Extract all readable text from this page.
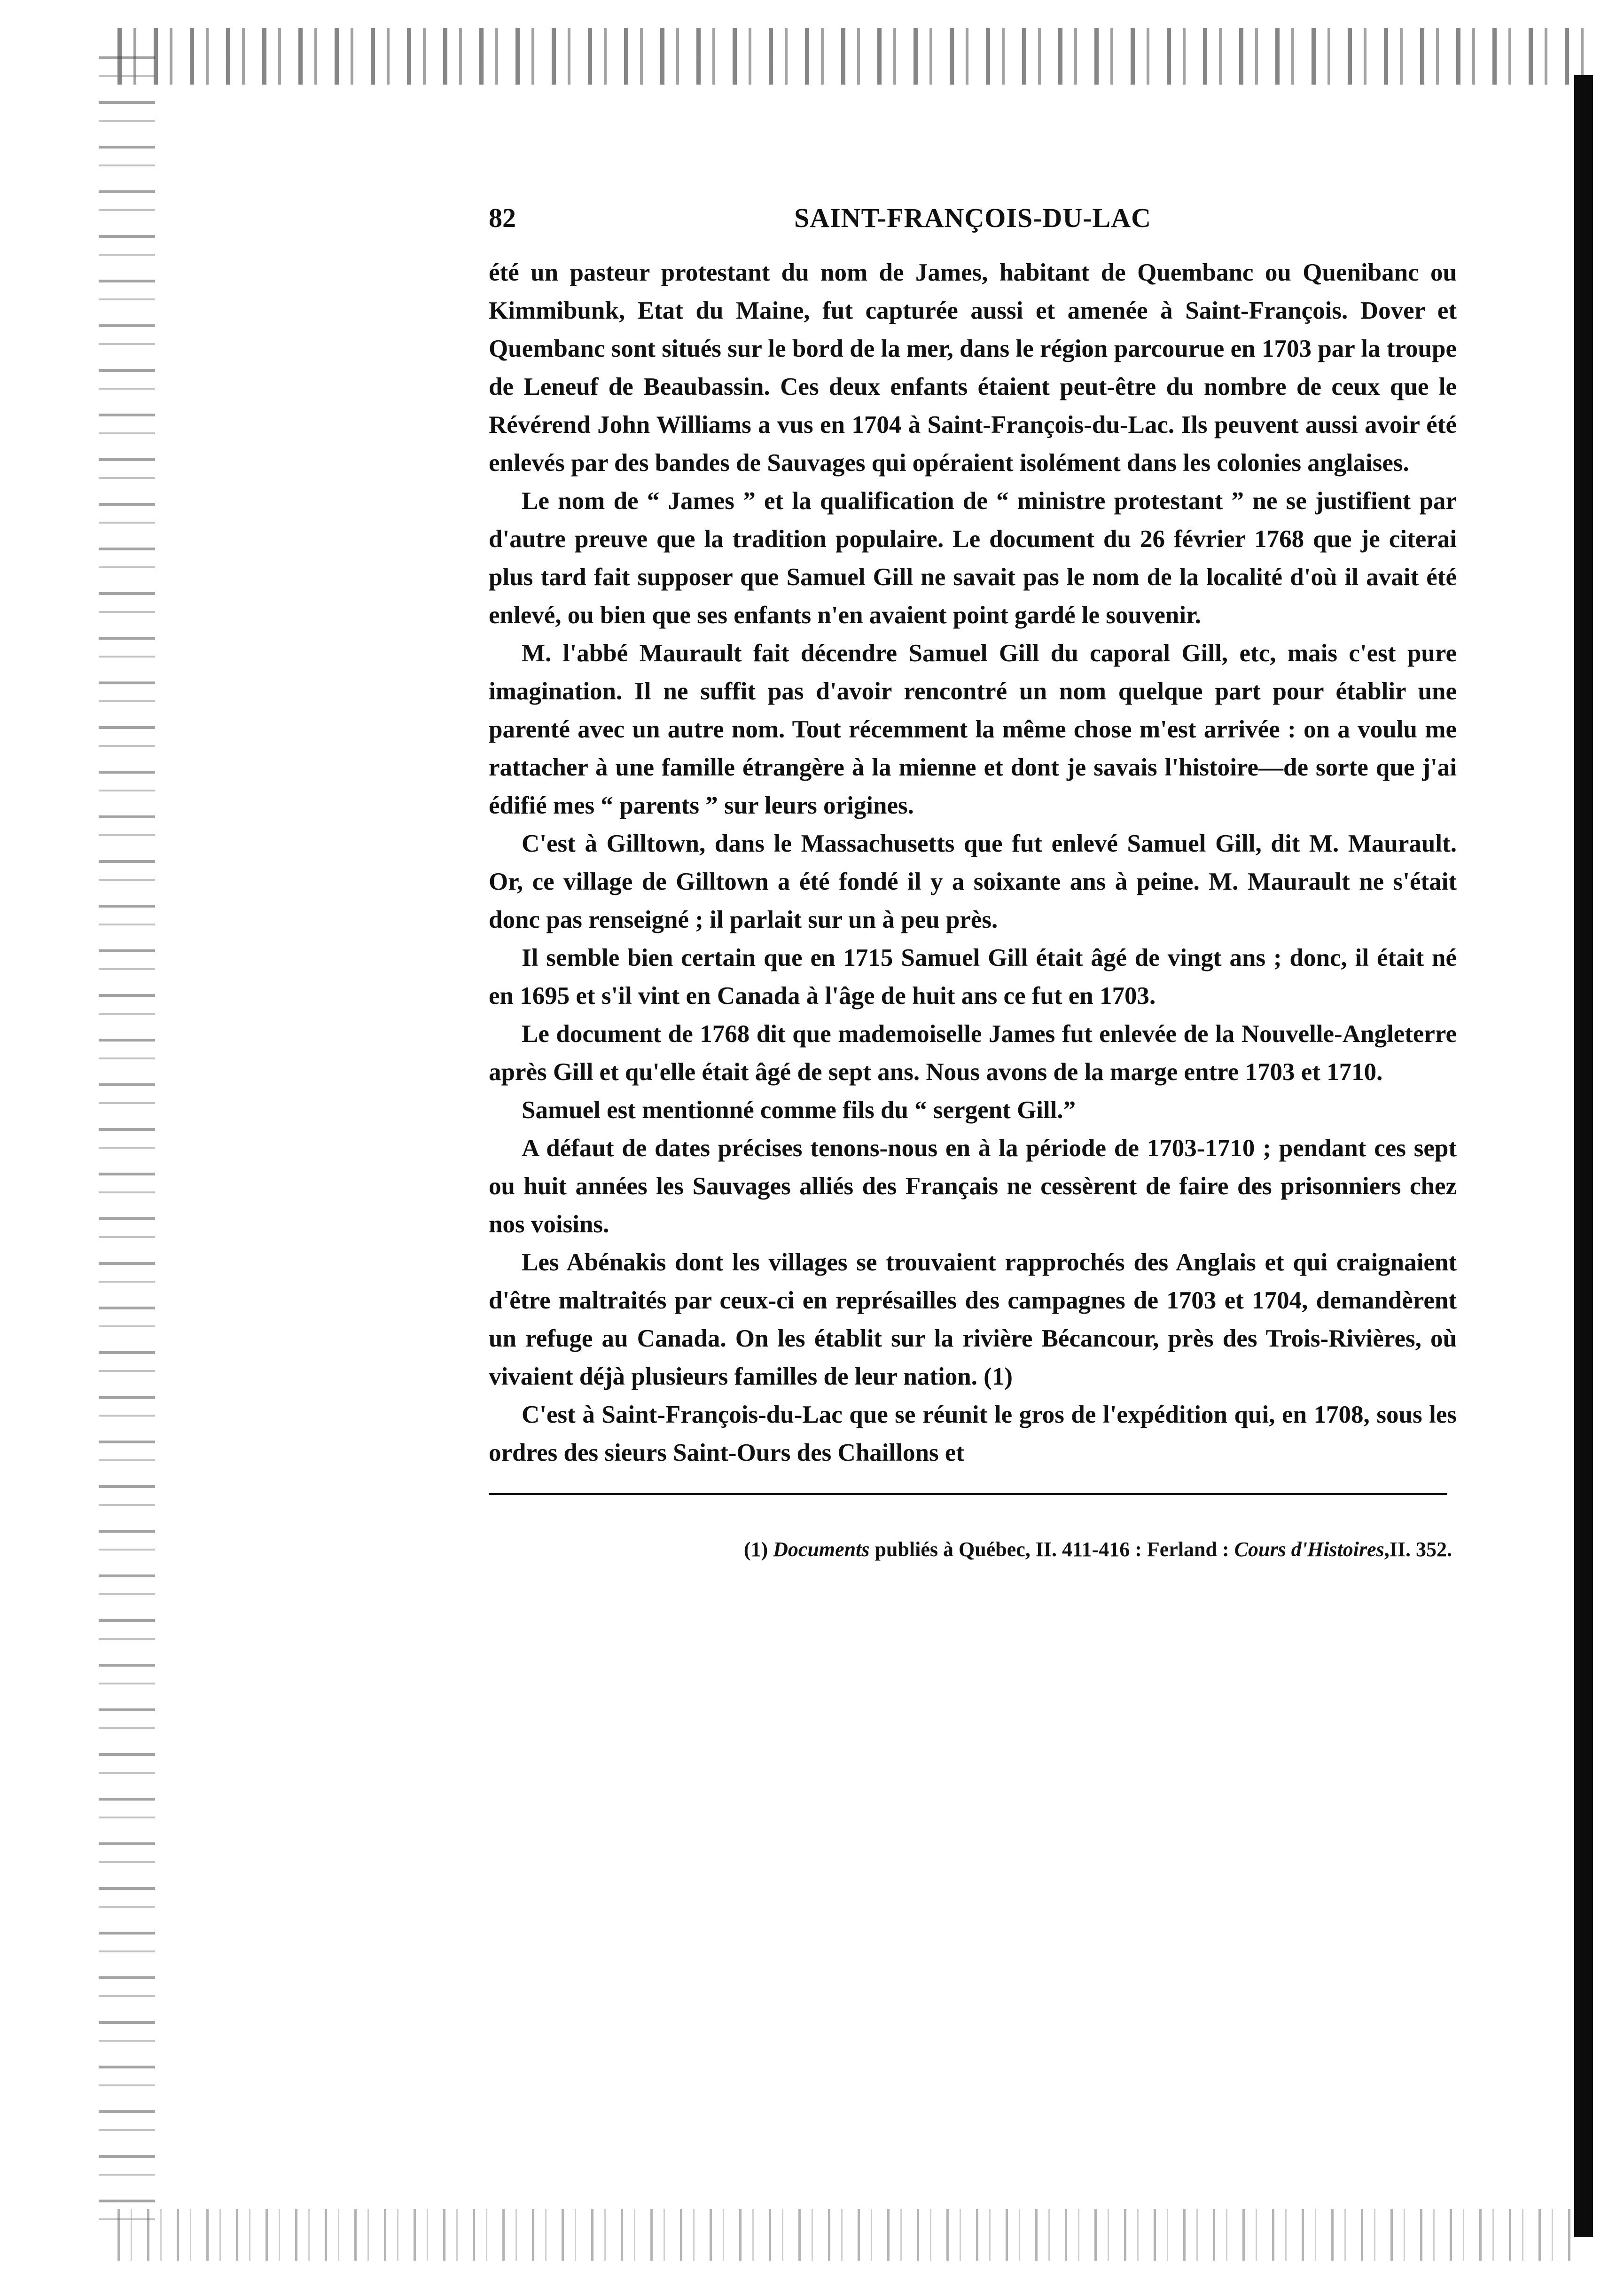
82	SAINT-FRANÇOIS-DU-LAC

été un pasteur protestant du nom de James, habitant de Quembanc ou Quenibanc ou Kimmibunk, Etat du Maine, fut capturée aussi et amenée à Saint-François. Dover et Quembanc sont situés sur le bord de la mer, dans le région parcourue en 1703 par la troupe de Leneuf de Beaubassin. Ces deux enfants étaient peut-être du nombre de ceux que le Révérend John Williams a vus en 1704 à Saint-François-du-Lac. Ils peuvent aussi avoir été enlevés par des bandes de Sauvages qui opéraient isolément dans les colonies anglaises.

Le nom de “ James ” et la qualification de “ ministre protestant ” ne se justifient par d'autre preuve que la tradition populaire. Le document du 26 février 1768 que je citerai plus tard fait supposer que Samuel Gill ne savait pas le nom de la localité d'où il avait été enlevé, ou bien que ses enfants n'en avaient point gardé le souvenir.

M. l'abbé Maurault fait décendre Samuel Gill du caporal Gill, etc, mais c'est pure imagination. Il ne suffit pas d'avoir rencontré un nom quelque part pour établir une parenté avec un autre nom. Tout récemment la même chose m'est arrivée : on a voulu me rattacher à une famille étrangère à la mienne et dont je savais l'histoire—de sorte que j'ai édifié mes “ parents ” sur leurs origines.

C'est à Gilltown, dans le Massachusetts que fut enlevé Samuel Gill, dit M. Maurault. Or, ce village de Gilltown a été fondé il y a soixante ans à peine. M. Maurault ne s'était donc pas renseigné ; il parlait sur un à peu près.

Il semble bien certain que en 1715 Samuel Gill était âgé de vingt ans ; donc, il était né en 1695 et s'il vint en Canada à l'âge de huit ans ce fut en 1703.

Le document de 1768 dit que mademoiselle James fut enlevée de la Nouvelle-Angleterre après Gill et qu'elle était âgé de sept ans. Nous avons de la marge entre 1703 et 1710.

Samuel est mentionné comme fils du “ sergent Gill.”

A défaut de dates précises tenons-nous en à la période de 1703-1710 ; pendant ces sept ou huit années les Sauvages alliés des Français ne cessèrent de faire des prisonniers chez nos voisins.

Les Abénakis dont les villages se trouvaient rapprochés des Anglais et qui craignaient d'être maltraités par ceux-ci en représailles des campagnes de 1703 et 1704, demandèrent un refuge au Canada. On les établit sur la rivière Bécancour, près des Trois-Rivières, où vivaient déjà plusieurs familles de leur nation. (1)

C'est à Saint-François-du-Lac que se réunit le gros de l'expédition qui, en 1708, sous les ordres des sieurs Saint-Ours des Chaillons et

(1) Documents publiés à Québec, II. 411-416 : Ferland : Cours d'Histoires,II. 352.
